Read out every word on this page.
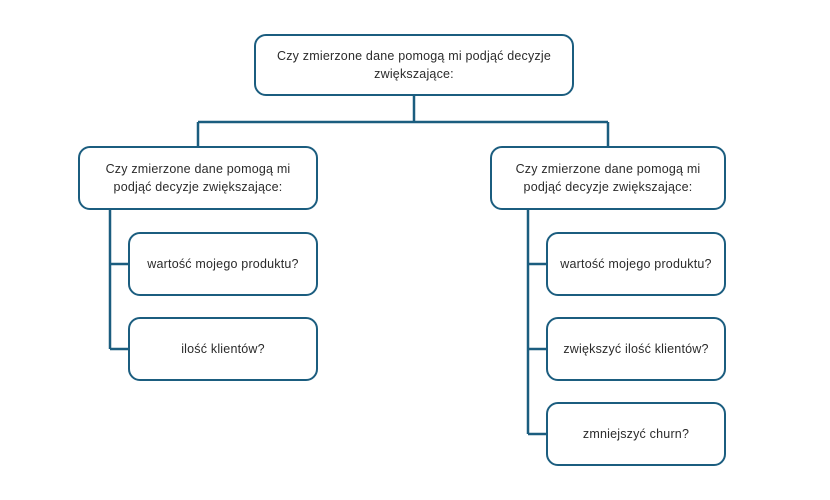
Czy zmierzone dane pomogą mi podjąć decyzje zwiększające:
Czy zmierzone dane pomogą mi podjąć decyzje zwiększające:
Czy zmierzone dane pomogą mi podjąć decyzje zwiększające:
wartość mojego produktu?
ilość klientów?
wartość mojego produktu?
zwiększyć ilość klientów?
zmniejszyć churn?
